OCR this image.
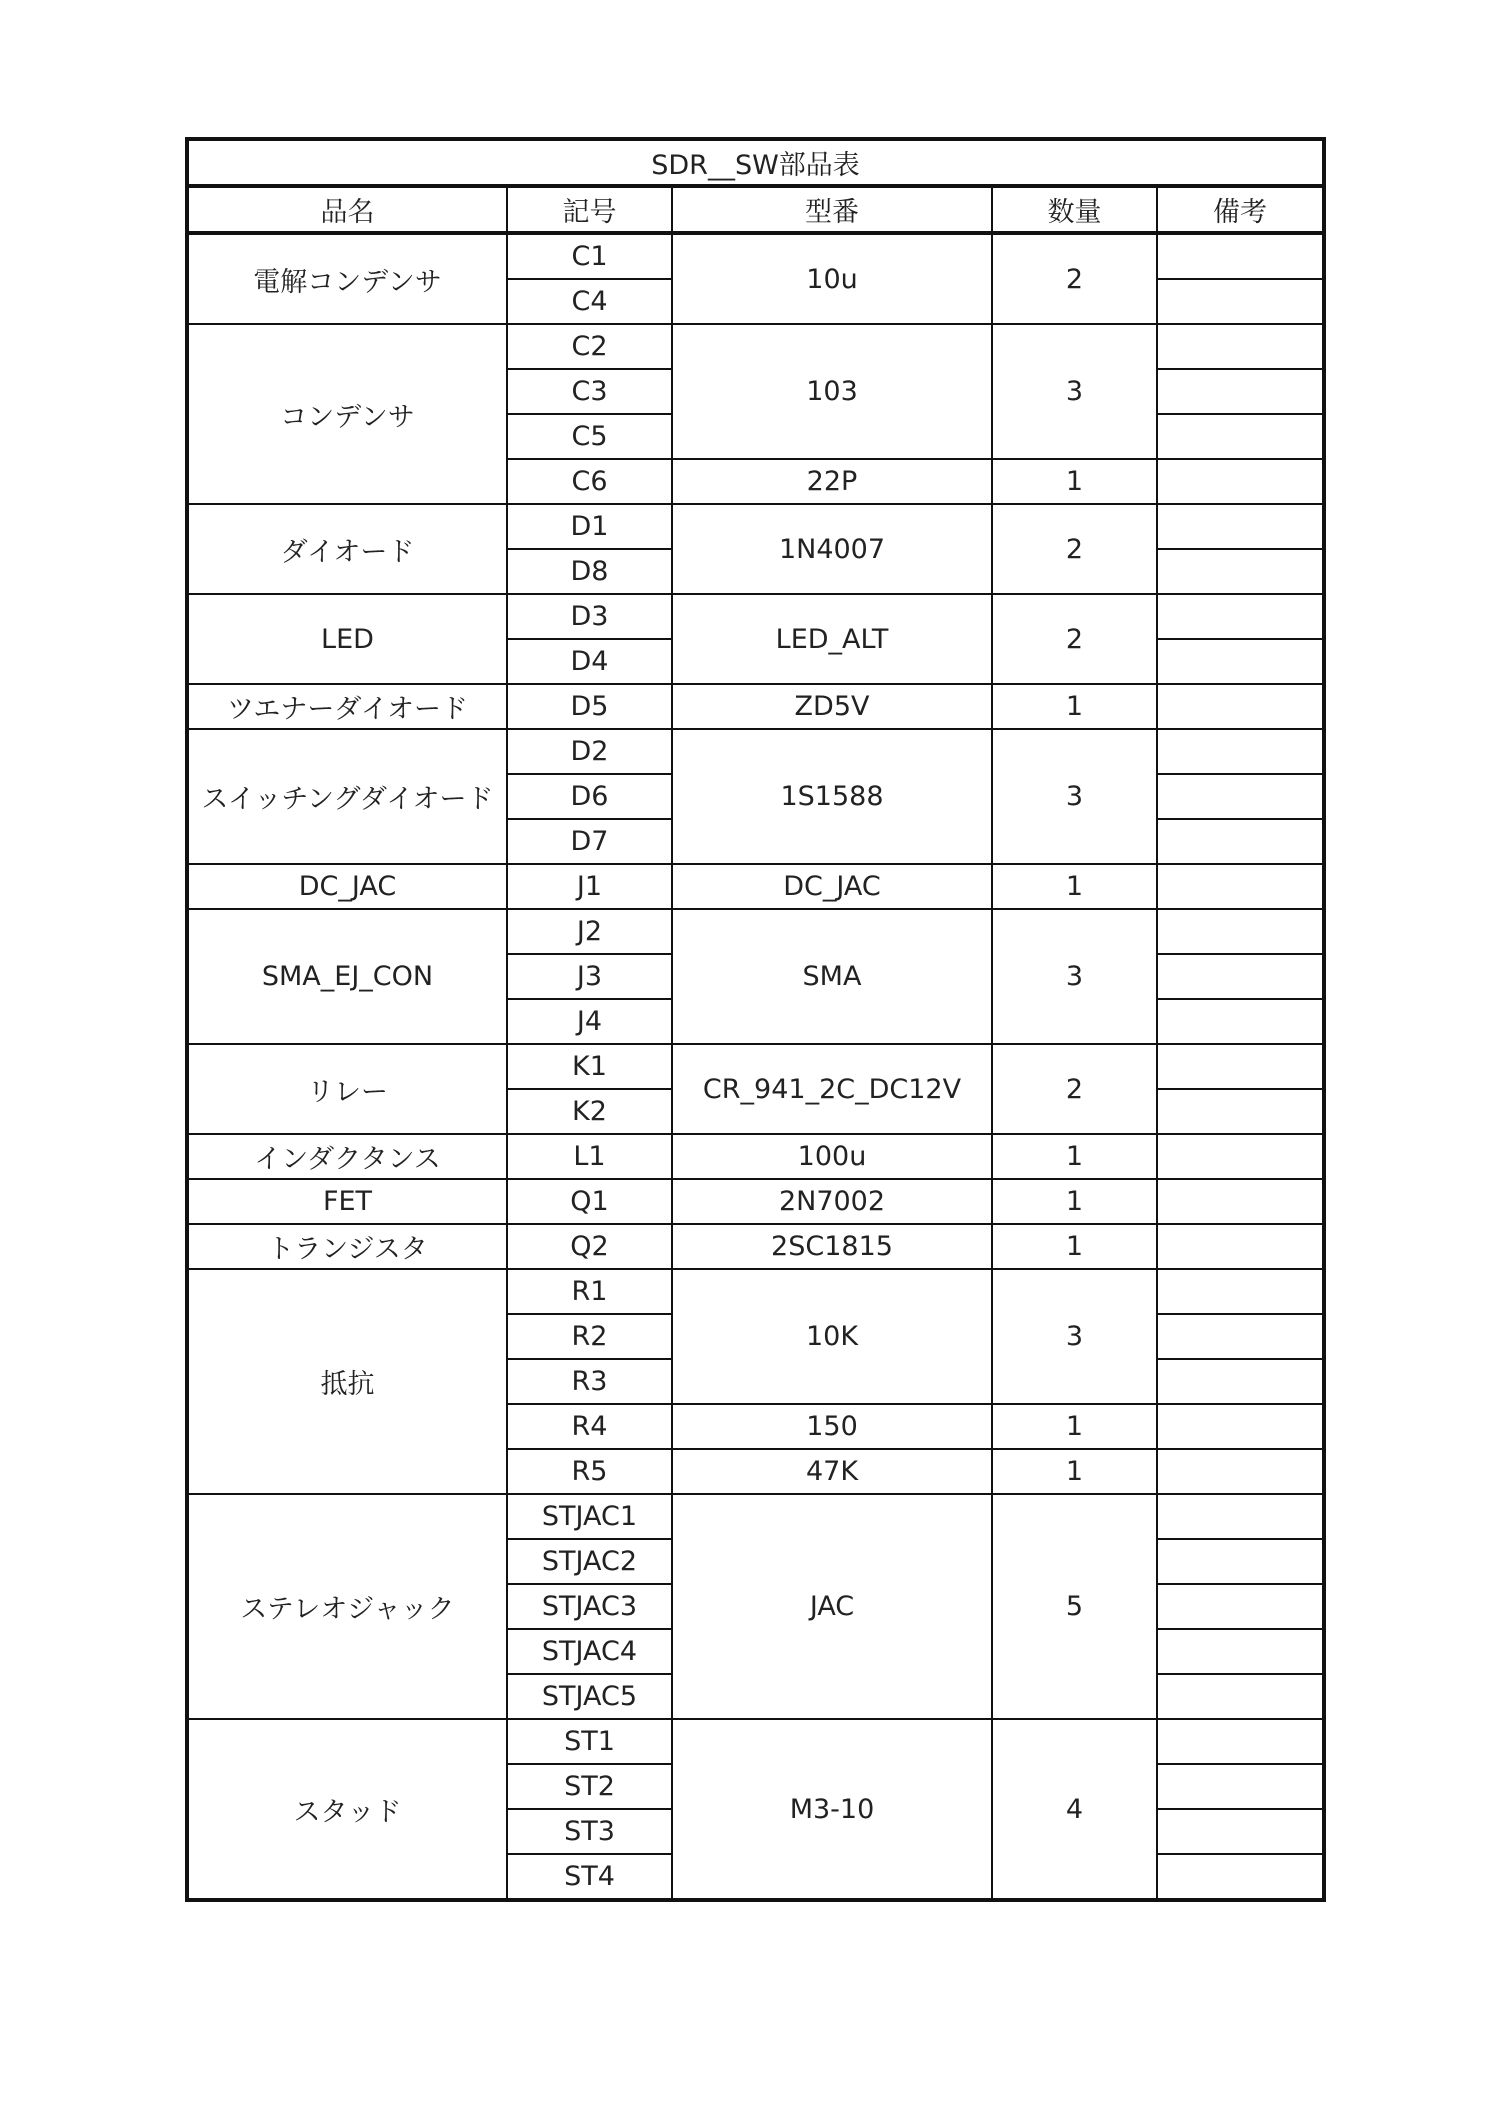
SDR__SW部品表				
品名	記号	型番	数量	備考
電解コンデンサ	C1	10u	2	
	C4			
コンデンサ	C2	103	3	
	C3			
	C5			
	C6	22P	1	
ダイオード	D1	1N4007	2	
	D8			
LED	D3	LED_ALT	2	
	D4			
ツエナーダイオード	D5	ZD5V	1	
スイッチングダイオード	D2	1S1588	3	
	D6			
	D7			
DC_JAC	J1	DC_JAC	1	
SMA_EJ_CON	J2	SMA	3	
	J3			
	J4			
リレー	K1	CR_941_2C_DC12V	2	
	K2			
インダクタンス	L1	100u	1	
FET	Q1	2N7002	1	
トランジスタ	Q2	2SC1815	1	
抵抗	R1	10K	3	
	R2			
	R3			
	R4	150	1	
	R5	47K	1	
ステレオジャック	STJAC1	JAC	5	
	STJAC2			
	STJAC3			
	STJAC4			
	STJAC5			
スタッド	ST1	M3-10	4	
	ST2			
	ST3			
	ST4			
